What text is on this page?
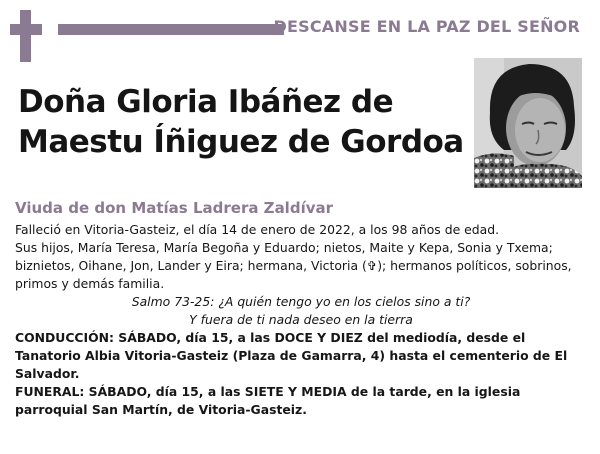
DESCANSE EN LA PAZ DEL SEÑOR
Doña Gloria Ibáñez de
Maestu Íñiguez de Gordoa
Viuda de don Matías Ladrera Zaldívar

Falleció en Vitoria-Gasteiz, el día 14 de enero de 2022, a los 98 años de edad.

Sus hijos, María Teresa, María Begoña y Eduardo; nietos, Maite y Kepa, Sonia y Txema; biznietos, Oihane, Jon, Lander y Eira; hermana, Victoria (✞); hermanos políticos, sobrinos, primos y demás familia.

Salmo 73-25: ¿A quién tengo yo en los cielos sino a ti?

Y fuera de ti nada deseo en la tierra

CONDUCCIÓN: SÁBADO, día 15, a las DOCE Y DIEZ del mediodía, desde el Tanatorio Albia Vitoria-Gasteiz (Plaza de Gamarra, 4) hasta el cementerio de El Salvador.

FUNERAL: SÁBADO, día 15, a las SIETE Y MEDIA de la tarde, en la iglesia parroquial San Martín, de Vitoria-Gasteiz.
